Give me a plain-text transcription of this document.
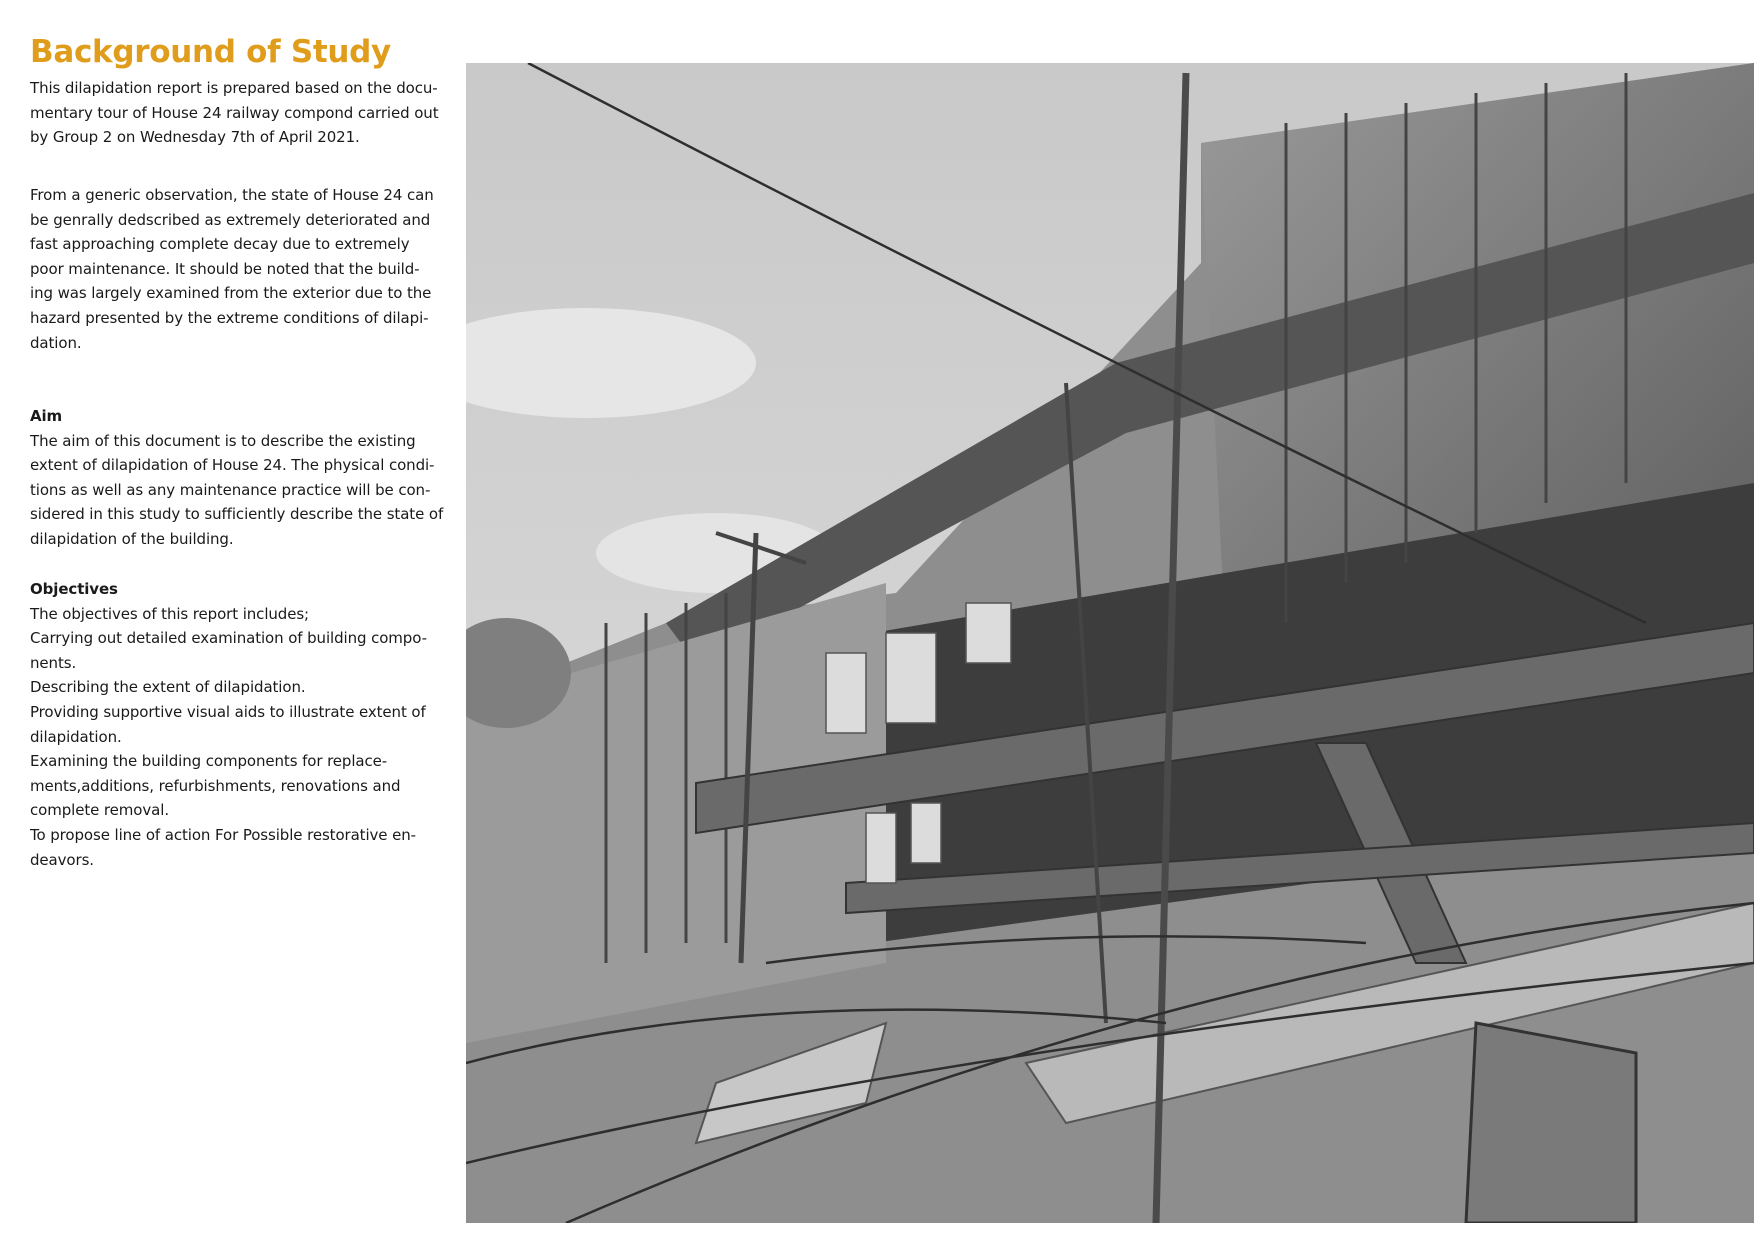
Background of Study

This dilapidation report is prepared based on the docu-

mentary tour of House 24 railway compond carried out

by Group 2 on Wednesday 7th of April 2021.

From a generic observation, the state of House 24 can

be genrally dedscribed as extremely deteriorated and

fast approaching complete decay due to extremely

poor maintenance. It should be noted that the build-

ing was largely examined from the exterior due to the

hazard presented by the extreme conditions of dilapi-

dation.

Aim

The aim of this document is to describe the existing

extent of dilapidation of House 24. The physical condi-

tions as well as any maintenance practice will be con-

sidered in this study to sufficiently describe the state of

dilapidation of the building.

Objectives

The objectives of this report includes;

Carrying out detailed examination of building compo-

nents.

Describing the extent of dilapidation.

Providing supportive visual aids to illustrate extent of

dilapidation.

Examining the building components for replace-

ments,additions, refurbishments, renovations and

complete removal.

To propose line of action For Possible restorative en-

deavors.
